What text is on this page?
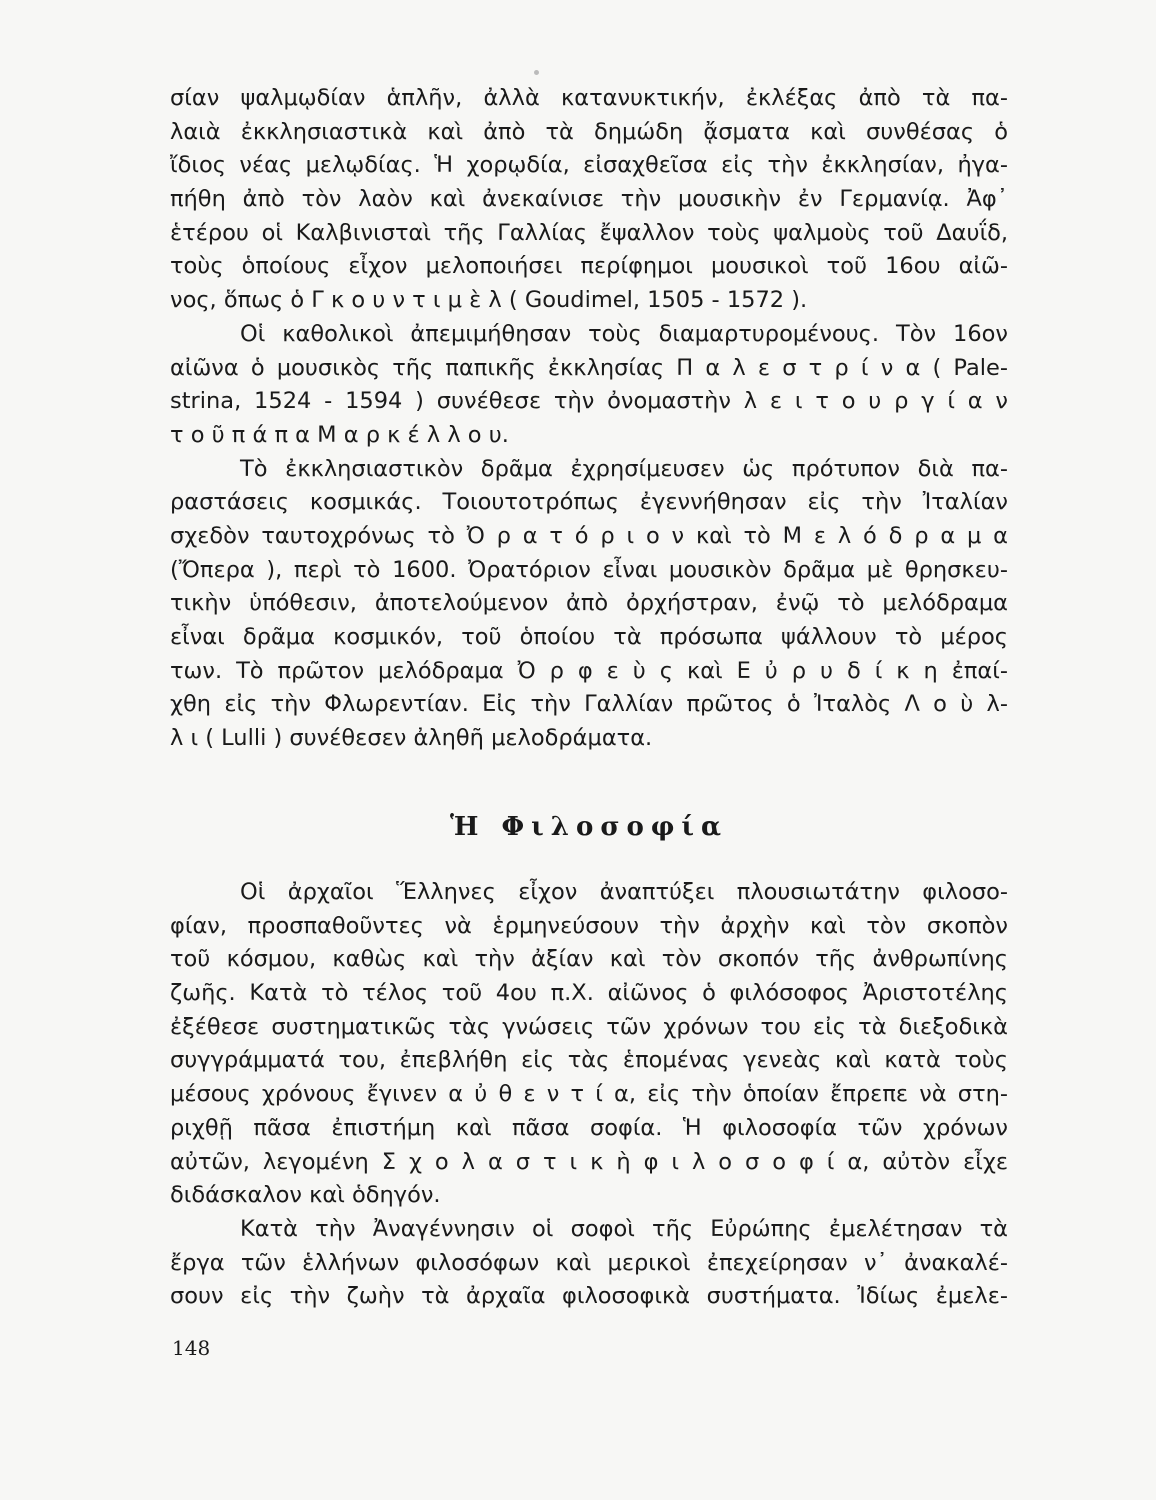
σίαν ψαλμῳδίαν ἁπλῆν, ἀλλὰ κατανυκτικήν, ἐκλέξας ἀπὸ τὰ πα-
λαιὰ ἐκκλησιαστικὰ καὶ ἀπὸ τὰ δημώδη ᾄσματα καὶ συνθέσας ὁ
ἴδιος νέας μελῳδίας. Ἡ χορῳδία, εἰσαχθεῖσα εἰς τὴν ἐκκλησίαν, ἠγα-
πήθη ἀπὸ τὸν λαὸν καὶ ἀνεκαίνισε τὴν μουσικὴν ἐν Γερμανίᾳ. Ἀφ᾽
ἑτέρου οἱ Καλβινισταὶ τῆς Γαλλίας ἔψαλλον τοὺς ψαλμοὺς τοῦ Δαυΐδ,
τοὺς ὁποίους εἶχον μελοποιήσει περίφημοι μουσικοὶ τοῦ 16ου αἰῶ-
νος, ὅπως ὁ Γ κ ο υ ν τ ι μ ὲ λ ( Goudimel, 1505 - 1572 ).
Οἱ καθολικοὶ ἀπεμιμήθησαν τοὺς διαμαρτυρομένους. Τὸν 16ον
αἰῶνα ὁ μουσικὸς τῆς παπικῆς ἐκκλησίας Π α λ ε σ τ ρ ί ν α ( Pale-
strina, 1524 - 1594 ) συνέθεσε τὴν ὀνομαστὴν λ ε ι τ ο υ ρ γ ί α ν
τ ο ῦ π ά π α Μ α ρ κ έ λ λ ο υ.
Τὸ ἐκκλησιαστικὸν δρᾶμα ἐχρησίμευσεν ὡς πρότυπον διὰ πα-
ραστάσεις κοσμικάς. Τοιουτοτρόπως ἐγεννήθησαν εἰς τὴν Ἰταλίαν
σχεδὸν ταυτοχρόνως τὸ Ὀ ρ α τ ό ρ ι ο ν καὶ τὸ Μ ε λ ό δ ρ α μ α
(Ὄπερα ), περὶ τὸ 1600. Ὀρατόριον εἶναι μουσικὸν δρᾶμα μὲ θρησκευ-
τικὴν ὑπόθεσιν, ἀποτελούμενον ἀπὸ ὀρχήστραν, ἐνῷ τὸ μελόδραμα
εἶναι δρᾶμα κοσμικόν, τοῦ ὁποίου τὰ πρόσωπα ψάλλουν τὸ μέρος
των. Τὸ πρῶτον μελόδραμα Ὀ ρ φ ε ὺ ς καὶ Ε ὐ ρ υ δ ί κ η ἐπαί-
χθη εἰς τὴν Φλωρεντίαν. Εἰς τὴν Γαλλίαν πρῶτος ὁ Ἰταλὸς Λ ο ὺ λ-
λ ι ( Lulli ) συνέθεσεν ἀληθῆ μελοδράματα.
Ἡ Φιλοσοφία
Οἱ ἀρχαῖοι Ἕλληνες εἶχον ἀναπτύξει πλουσιωτάτην φιλοσο-
φίαν, προσπαθοῦντες νὰ ἑρμηνεύσουν τὴν ἀρχὴν καὶ τὸν σκοπὸν
τοῦ κόσμου, καθὼς καὶ τὴν ἀξίαν καὶ τὸν σκοπόν τῆς ἀνθρωπίνης
ζωῆς. Κατὰ τὸ τέλος τοῦ 4ου π.Χ. αἰῶνος ὁ φιλόσοφος Ἀριστοτέλης
ἐξέθεσε συστηματικῶς τὰς γνώσεις τῶν χρόνων του εἰς τὰ διεξοδικὰ
συγγράμματά του, ἐπεβλήθη εἰς τὰς ἑπομένας γενεὰς καὶ κατὰ τοὺς
μέσους χρόνους ἔγινεν α ὐ θ ε ν τ ί α, εἰς τὴν ὁποίαν ἔπρεπε νὰ στη-
ριχθῇ πᾶσα ἐπιστήμη καὶ πᾶσα σοφία. Ἡ φιλοσοφία τῶν χρόνων
αὐτῶν, λεγομένη Σ χ ο λ α σ τ ι κ ὴ φ ι λ ο σ ο φ ί α, αὐτὸν εἶχε
διδάσκαλον καὶ ὁδηγόν.
Κατὰ τὴν Ἀναγέννησιν οἱ σοφοὶ τῆς Εὐρώπης ἐμελέτησαν τὰ
ἔργα τῶν ἑλλήνων φιλοσόφων καὶ μερικοὶ ἐπεχείρησαν ν᾽ ἀνακαλέ-
σουν εἰς τὴν ζωὴν τὰ ἀρχαῖα φιλοσοφικὰ συστήματα. Ἰδίως ἐμελε-
148
